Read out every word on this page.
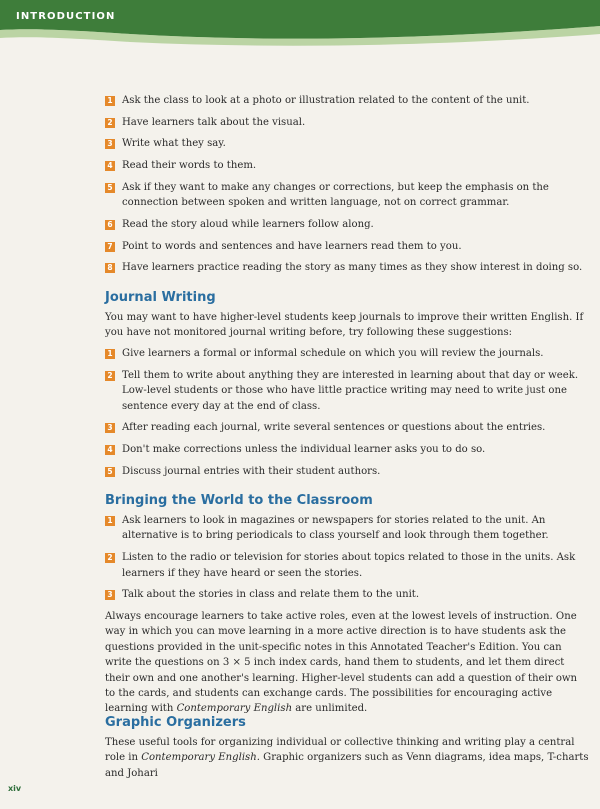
INTRODUCTION
1 Ask the class to look at a photo or illustration related to the content of the unit.
2 Have learners talk about the visual.
3 Write what they say.
4 Read their words to them.
5 Ask if they want to make any changes or corrections, but keep the emphasis on the connection between spoken and written language, not on correct grammar.
6 Read the story aloud while learners follow along.
7 Point to words and sentences and have learners read them to you.
8 Have learners practice reading the story as many times as they show interest in doing so.
Journal Writing
You may want to have higher-level students keep journals to improve their written English. If you have not monitored journal writing before, try following these suggestions:
1 Give learners a formal or informal schedule on which you will review the journals.
2 Tell them to write about anything they are interested in learning about that day or week. Low-level students or those who have little practice writing may need to write just one sentence every day at the end of class.
3 After reading each journal, write several sentences or questions about the entries.
4 Don't make corrections unless the individual learner asks you to do so.
5 Discuss journal entries with their student authors.
Bringing the World to the Classroom
1 Ask learners to look in magazines or newspapers for stories related to the unit. An alternative is to bring periodicals to class yourself and look through them together.
2 Listen to the radio or television for stories about topics related to those in the units. Ask learners if they have heard or seen the stories.
3 Talk about the stories in class and relate them to the unit.
Always encourage learners to take active roles, even at the lowest levels of instruction. One way in which you can move learning in a more active direction is to have students ask the questions provided in the unit-specific notes in this Annotated Teacher's Edition. You can write the questions on 3 × 5 inch index cards, hand them to students, and let them direct their own and one another's learning. Higher-level students can add a question of their own to the cards, and students can exchange cards. The possibilities for encouraging active learning with Contemporary English are unlimited.
Graphic Organizers
These useful tools for organizing individual or collective thinking and writing play a central role in Contemporary English. Graphic organizers such as Venn diagrams, idea maps, T-charts and Johari
xiv
